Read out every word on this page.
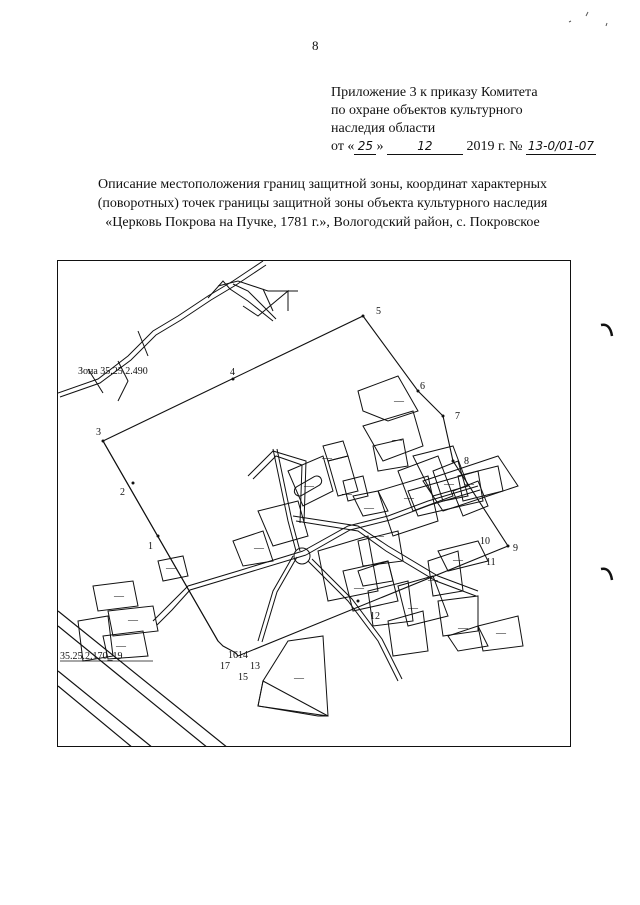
8
Приложение 3 к приказу Комитета
по охране объектов культурного
наследия области
от « 25 »	12 2019 г. № 13-0/01-07
Описание местоположения границ защитной зоны, координат характерных
(поворотных) точек границы защитной зоны объекта культурного наследия
«Церковь Покрова на Пучке, 1781 г.», Вологодский район, с. Покровское
Зона 35.25.2.490
35.25.2.170_19
1
2
3
4
5
6
7
8
9
10
11
12
1614
13
17
15
—
—
—
—
—
—
—
— —
—
—
—
—
—
—
—
—
—	—
—
—
—
